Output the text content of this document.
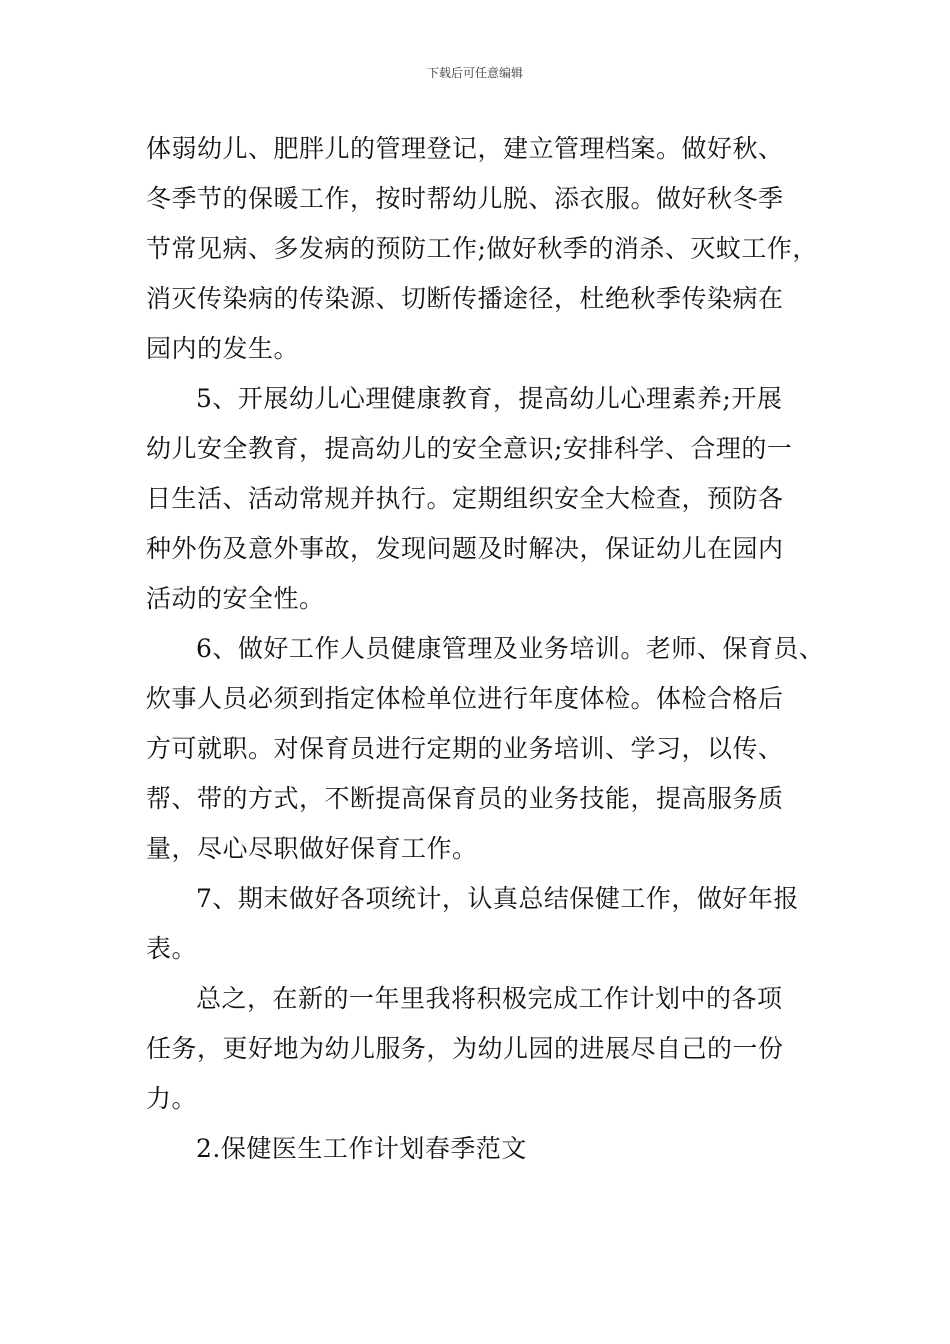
下载后可任意编辑
体弱幼儿、肥胖儿的管理登记，建立管理档案。做好秋、
冬季节的保暖工作，按时帮幼儿脱、添衣服。做好秋冬季
节常见病、多发病的预防工作;做好秋季的消杀、灭蚊工作，
消灭传染病的传染源、切断传播途径，杜绝秋季传染病在
园内的发生。
5、开展幼儿心理健康教育，提高幼儿心理素养;开展
幼儿安全教育，提高幼儿的安全意识;安排科学、合理的一
日生活、活动常规并执行。定期组织安全大检查，预防各
种外伤及意外事故，发现问题及时解决，保证幼儿在园内
活动的安全性。
6、做好工作人员健康管理及业务培训。老师、保育员、
炊事人员必须到指定体检单位进行年度体检。体检合格后
方可就职。对保育员进行定期的业务培训、学习，以传、
帮、带的方式，不断提高保育员的业务技能，提高服务质
量，尽心尽职做好保育工作。
7、期末做好各项统计，认真总结保健工作，做好年报
表。
总之，在新的一年里我将积极完成工作计划中的各项
任务，更好地为幼儿服务，为幼儿园的进展尽自己的一份
力。
2.保健医生工作计划春季范文
